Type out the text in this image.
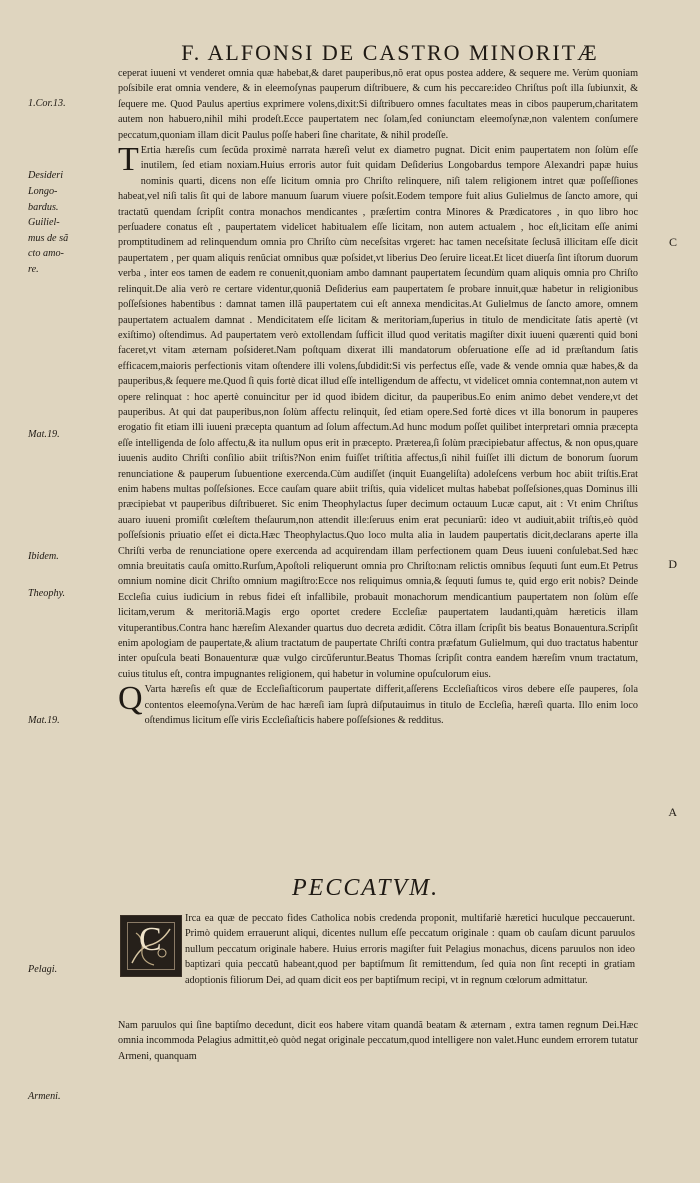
F. ALFONSI DE CASTRO MINORITÆ
1.Cor.13.
Desideri
Longo-
bardus.
Guiliel-
mus de sã
cto amo-
re.
Mat.19.
Ibidem.
Theophy.
Mat.19.
Pelagi.
Armeni.
C
D
A

ceperat iuueni vt venderet omnia quæ habebat,& daret pauperibus,nõ erat opus postea addere, & sequere me. Verùm quoniam poſsibile erat omnia vendere, & in eleemoſynas pauperum diſtribuere, & cum his peccare:ideo Chriſtus poſt illa ſubiunxit, & ſequere me. Quod Paulus apertius exprimere volens,dixit:Si diſtribuero omnes facultates meas in cibos pauperum,charitatem autem non habuero,nihil mihi prodeſt.Ecce paupertatem nec ſolam,ſed coniunctam eleemoſynæ,non valentem conſumere peccatum,quoniam illam dicit Paulus poſſe haberi ſine charitate, & nihil prodeſſe.

T Ertia hæreſis cum ſecũda proximè narrata hæreſi velut ex diametro pugnat. Dicit enim paupertatem non ſolùm eſſe inutilem, ſed etiam noxiam.Huius erroris autor fuit quidam Deſiderius Longobardus tempore Alexandri papæ huius nominis quarti, dicens non eſſe licitum omnia pro Chriſto relinquere, niſi talem religionem intret quæ poſſeſſiones habeat,vel niſi talis ſit qui de labore manuum ſuarum viuere poſsit.Eodem tempore fuit alius Gulielmus de ſancto amore, qui tractatũ quendam ſcripſit contra monachos mendicantes , præſertim contra Minores & Prædicatores , in quo libro hoc perſuadere conatus eſt , paupertatem videlicet habitualem eſſe licitam, non autem actualem , hoc eſt,licitam eſſe animi promptitudinem ad relinquendum omnia pro Chriſto cùm neceſsitas vrgeret: hac tamen neceſsitate ſeclusã illicitam eſſe dicit paupertatem , per quam aliquis renũciat omnibus quæ poſsidet,vt liberius Deo ſeruire liceat.Et licet diuerſa ſint iſtorum duorum verba , inter eos tamen de eadem re conuenit,quoniam ambo damnant paupertatem ſecundùm quam aliquis omnia pro Chriſto relinquit.De alia verò re certare videntur,quoniã Deſiderius eam paupertatem ſe probare innuit,quæ habetur in religionibus poſſeſsiones habentibus : damnat tamen illã paupertatem cui eſt annexa mendicitas.At Gulielmus de ſancto amore, omnem paupertatem actualem damnat . Mendicitatem eſſe licitam & meritoriam,ſuperius in titulo de mendicitate ſatis apertè (vt exiſtimo) oſtendimus. Ad paupertatem verò extollendam ſufficit illud quod veritatis magiſter dixit iuueni quærenti quid boni faceret,vt vitam æternam poſsideret.Nam poſtquam dixerat illi mandatorum obſeruatione eſſe ad id præſtandum ſatis efficacem,maioris perfectionis vitam oſtendere illi volens,ſubdidit:Si vis perfectus eſſe, vade & vende omnia quæ habes,& da pauperibus,& ſequere me.Quod ſi quis fortè dicat illud eſſe intelligendum de affectu, vt videlicet omnia contemnat,non autem vt opere relinquat : hoc apertè conuincitur per id quod ibidem dicitur, da pauperibus.Eo enim animo debet vendere,vt det pauperibus. At qui dat pauperibus,non ſolùm affectu relinquit, ſed etiam opere.Sed fortè dices vt illa bonorum in pauperes erogatio fit etiam illi iuueni præcepta quantum ad ſolum affectum.Ad hunc modum poſſet quilibet interpretari omnia præcepta eſſe intelligenda de ſolo affectu,& ita nullum opus erit in præcepto. Præterea,ſi ſolùm præcipiebatur affectus, & non opus,quare iuuenis audito Chriſti conſilio abiit triſtis?Non enim fuiſſet triſtitia affectus,ſi nihil fuiſſet illi dictum de bonorum ſuorum renunciatione & pauperum ſubuentione exercenda.Cùm audiſſet (inquit Euangeliſta) adoleſcens verbum hoc abiit triſtis.Erat enim habens multas poſſeſsiones. Ecce cauſam quare abiit triſtis, quia videlicet multas habebat poſſeſsiones,quas Dominus illi præcipiebat vt pauperibus diſtribueret. Sic enim Theophylactus ſuper decimum octauum Lucæ caput, ait : Vt enim Chriſtus auaro iuueni promiſit cœleſtem theſaurum,non attendit ille:ſeruus enim erat pecuniarũ: ideo vt audiuit,abiit triſtis,eò quòd poſſeſsionis priuatio eſſet ei dicta.Hæc Theophylactus.Quo loco multa alia in laudem paupertatis dicit,declarans aperte illa Chriſti verba de renunciatione opere exercenda ad acquirendam illam perfectionem quam Deus iuueni conſulebat.Sed hæc omnia breuitatis cauſa omitto.Rurſum,Apoſtoli reliquerunt omnia pro Chriſto:nam relictis omnibus ſequuti ſunt eum.Et Petrus omnium nomine dicit Chriſto omnium magiſtro:Ecce nos reliquimus omnia,& ſequuti ſumus te, quid ergo erit nobis? Deinde Eccleſia cuius iudicium in rebus fidei eſt infallibile, probauit monachorum mendicantium paupertatem non ſolùm eſſe licitam,verum & meritoriã.Magis ergo oportet credere Eccleſiæ paupertatem laudanti,quàm hæreticis illam vituperantibus.Contra hanc hæreſim Alexander quartus duo decreta ædidit. Cõtra illam ſcripſit bis beatus Bonauentura.Scripſit enim apologiam de paupertate,& alium tractatum de paupertate Chriſti contra præfatum Gulielmum, qui duo tractatus habentur inter opuſcula beati Bonauenturæ quæ vulgo circũferuntur.Beatus Thomas ſcripſit contra eandem hæreſim vnum tractatum, cuius titulus eſt, contra impugnantes religionem, qui habetur in volumine opuſculorum eius.

Q Varta hæreſis eſt quæ de Eccleſiaſticorum paupertate differit,aſſerens Eccleſiaſticos viros debere eſſe pauperes, ſola contentos eleemoſyna.Verùm de hac hæreſi iam ſuprà diſputauimus in titulo de Eccleſia, hæreſi quarta. Illo enim loco oſtendimus licitum eſſe viris Eccleſiaſticis habere poſſeſsiones & redditus.

PECCATVM.
C
Irca ea quæ de peccato fides Catholica nobis credenda proponit, multifariè hæretici huculque peccauerunt. Primò quidem errauerunt aliqui, dicentes nullum eſſe peccatum originale : quam ob cauſam dicunt paruulos nullum peccatum originale habere. Huius erroris magiſter fuit Pelagius monachus, dicens paruulos non ideo baptizari quia peccatũ habeant,quod per baptiſmum ſit remittendum, ſed quia non ſint recepti in gratiam adoptionis filiorum Dei, ad quam dicit eos per baptiſmum recipi, vt in regnum cœlorum admittatur.
Nam paruulos qui ſine baptiſmo decedunt, dicit eos habere vitam quandã beatam & æternam , extra tamen regnum Dei.Hæc omnia incommoda Pelagius admittit,eò quòd negat originale peccatum,quod intelligere non valet.Hunc eundem errorem tutatur Armeni, quanquam
